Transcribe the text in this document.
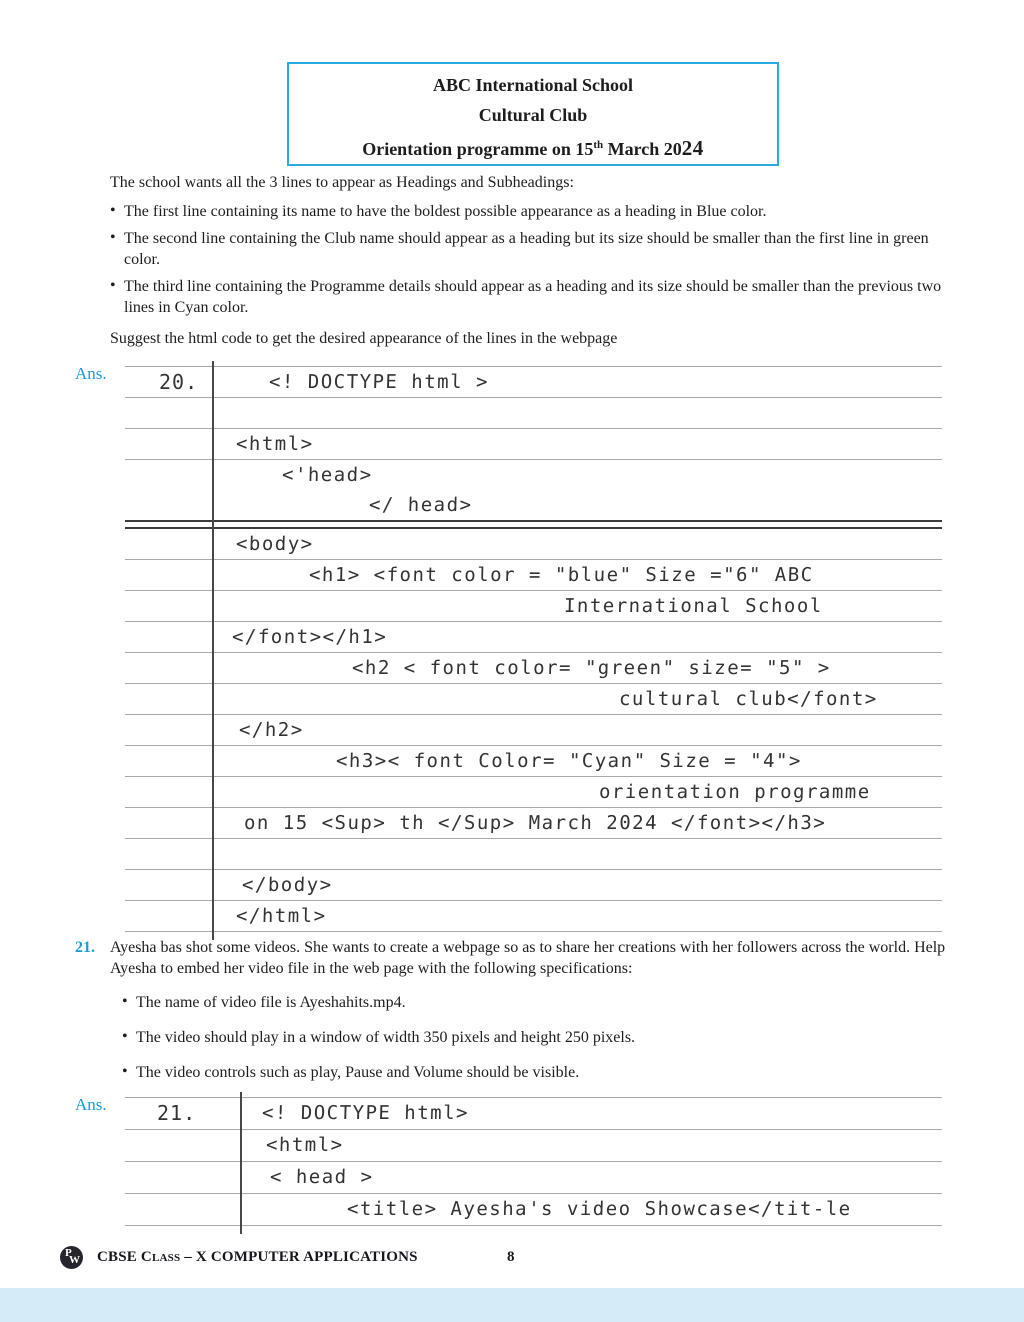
ABC International School
Cultural Club
Orientation programme on 15th March 2024

The school wants all the 3 lines to appear as Headings and Subheadings:

• The first line containing its name to have the boldest possible appearance as a heading in Blue color.
• The second line containing the Club name should appear as a heading but its size should be smaller than the first line in green color.
• The third line containing the Programme details should appear as a heading and its size should be smaller than the previous two lines in Cyan color.

Suggest the html code to get the desired appearance of the lines in the webpage

Ans.	20.	<! DOCTYPE html >
<html>
<'head>
</ head>
<body>
<h1> <font color = "blue" Size ="6" ABC
International School
</font></h1>
<h2 < font color= "green" size= "5" >
cultural club</font>
</h2>
<h3>< font Color= "Cyan" Size = "4">
orientation programme
on 15 <Sup> th </Sup> March 2024 </font></h3>
</body>
</html>
21. Ayesha bas shot some videos. She wants to create a webpage so as to share her creations with her followers across the world. Help Ayesha to embed her video file in the web page with the following specifications:

• The name of video file is Ayeshahits.mp4.
• The video should play in a window of width 350 pixels and height 250 pixels.
• The video controls such as play, Pause and Volume should be visible.
Ans.	21.	<! DOCTYPE html>
<html>
< head >
<title> Ayesha's video Showcase</tit-le
P
W CBSE Class – X COMPUTER APPLICATIONS	8
